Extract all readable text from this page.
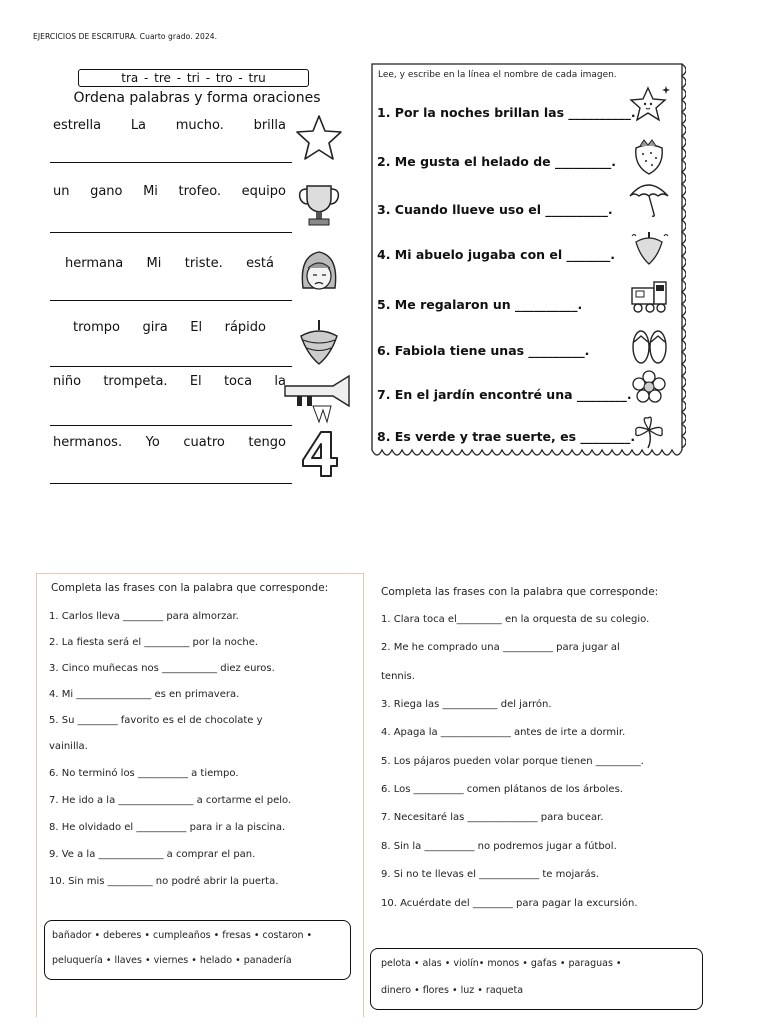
EJERCICIOS DE ESCRITURA. Cuarto grado. 2024.
tra - tre - tri - tro - tru
Ordena palabras y forma oraciones
estrella La mucho. brilla
un gano Mi trofeo. equipo
hermana Mi triste. está
trompo gira El rápido
niño trompeta. El toca la
hermanos. Yo cuatro tengo
Lee, y escribe en la línea el nombre de cada imagen.
1. Por la noches brillan las __________.
2. Me gusta el helado de _________.
3. Cuando llueve uso el __________.
4. Mi abuelo jugaba con el _______.
5. Me regalaron un __________.
6. Fabiola tiene unas _________.
7. En el jardín encontré una ________.
8. Es verde y trae suerte, es ________.
Completa las frases con la palabra que corresponde:
1. Carlos lleva ________ para almorzar.
2. La fiesta será el _________ por la noche.
3. Cinco muñecas nos ___________ diez euros.
4. Mi _______________ es en primavera.
5. Su ________ favorito es el de chocolate y
vainilla.
6. No terminó los __________ a tiempo.
7. He ido a la _______________ a cortarme el pelo.
8. He olvidado el __________ para ir a la piscina.
9. Ve a la _____________ a comprar el pan.
10. Sin mis _________ no podré abrir la puerta.
bañador • deberes • cumpleaños • fresas • costaron •
peluquería • llaves • viernes • helado • panadería
Completa las frases con la palabra que corresponde:
1. Clara toca el_________ en la orquesta de su colegio.
2. Me he comprado una __________ para jugar al
tennis.
3. Riega las ___________ del jarrón.
4. Apaga la ______________ antes de irte a dormir.
5. Los pájaros pueden volar porque tienen _________.
6. Los __________ comen plátanos de los árboles.
7. Necesitaré las ______________ para bucear.
8. Sin la __________ no podremos jugar a fútbol.
9. Si no te llevas el ____________ te mojarás.
10. Acuérdate del ________ para pagar la excursión.
pelota • alas • violín• monos • gafas • paraguas •
dinero • flores • luz • raqueta
